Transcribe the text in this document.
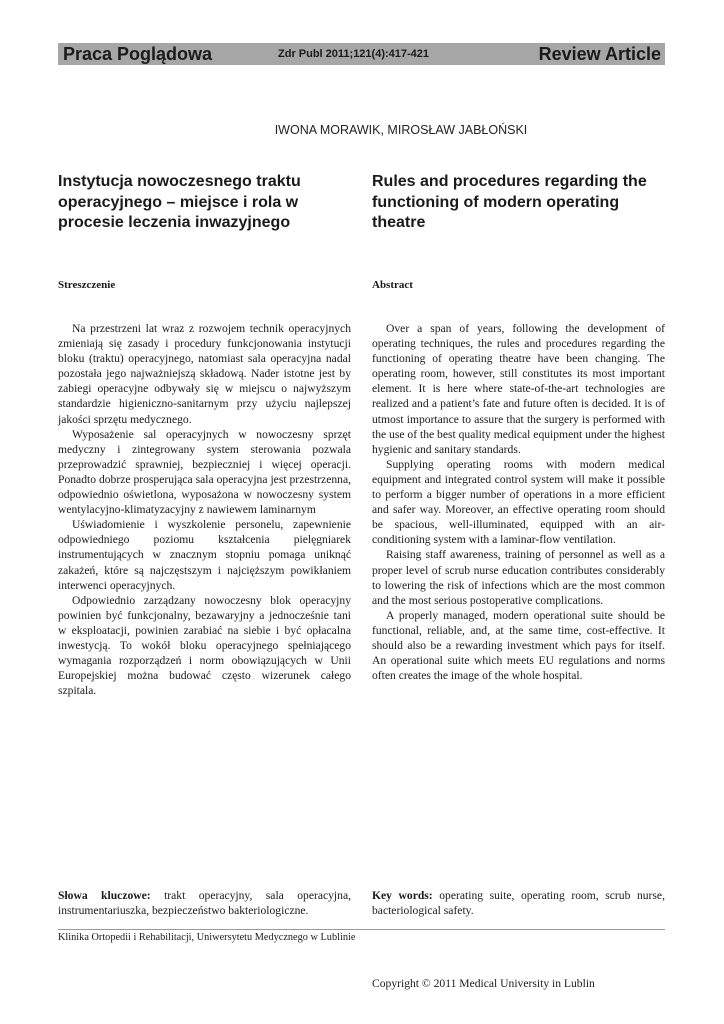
Praca Poglądowa	Zdr Publ 2011;121(4):417-421	Review Article
IWONA MORAWIK, MIROSŁAW JABŁOŃSKI
Instytucja nowoczesnego traktu operacyjnego – miejsce i rola w procesie leczenia inwazyjnego
Rules and procedures regarding the functioning of modern operating theatre
Streszczenie	Abstract

Na przestrzeni lat wraz z rozwojem technik operacyjnych zmieniają się zasady i procedury funkcjonowania instytucji bloku (traktu) operacyjnego, natomiast sala operacyjna nadal pozostała jego najważniejszą składową. Nader istotne jest by zabiegi operacyjne odbywały się w miejscu o najwyższym standardzie higieniczno-sanitarnym przy użyciu najlepszej jakości sprzętu medycznego.

Wyposażenie sal operacyjnych w nowoczesny sprzęt medyczny i zintegrowany system sterowania pozwala przeprowadzić sprawniej, bezpieczniej i więcej operacji. Ponadto dobrze prosperująca sala operacyjna jest przestrzenna, odpowiednio oświetlona, wyposażona w nowoczesny system wentylacyjno-klimatyzacyjny z nawiewem laminarnym

Uświadomienie i wyszkolenie personelu, zapewnienie odpowiedniego poziomu kształcenia pielęgniarek instrumentujących w znacznym stopniu pomaga uniknąć zakażeń, które są najczęstszym i najcięższym powikłaniem interwenci operacyjnych.

Odpowiednio zarządzany nowoczesny blok operacyjny powinien być funkcjonalny, bezawaryjny a jednocześnie tani w eksploatacji, powinien zarabiać na siebie i być opłacalna inwestycją. To wokół bloku operacyjnego spełniającego wymagania rozporządzeń i norm obowiązujących w Unii Europejskiej można budować często wizerunek całego szpitala.

Over a span of years, following the development of operating techniques, the rules and procedures regarding the functioning of operating theatre have been changing. The operating room, however, still constitutes its most important element. It is here where state-of-the-art technologies are realized and a patient’s fate and future often is decided. It is of utmost importance to assure that the surgery is performed with the use of the best quality medical equipment under the highest hygienic and sanitary standards.

Supplying operating rooms with modern medical equipment and integrated control system will make it possible to perform a bigger number of operations in a more efficient and safer way. Moreover, an effective operating room should be spacious, well-illuminated, equipped with an air-conditioning system with a laminar-flow ventilation.

Raising staff awareness, training of personnel as well as a proper level of scrub nurse education contributes considerably to lowering the risk of infections which are the most common and the most serious postoperative complications.

A properly managed, modern operational suite should be functional, reliable, and, at the same time, cost-effective. It should also be a rewarding investment which pays for itself. An operational suite which meets EU regulations and norms often creates the image of the whole hospital.

Słowa kluczowe: trakt operacyjny, sala operacyjna, instrumentariuszka, bezpieczeństwo bakteriologiczne.
Key words: operating suite, operating room, scrub nurse, bacteriological safety.
Klinika Ortopedii i Rehabilitacji, Uniwersytetu Medycznego w Lublinie
Copyright © 2011 Medical University in Lublin
